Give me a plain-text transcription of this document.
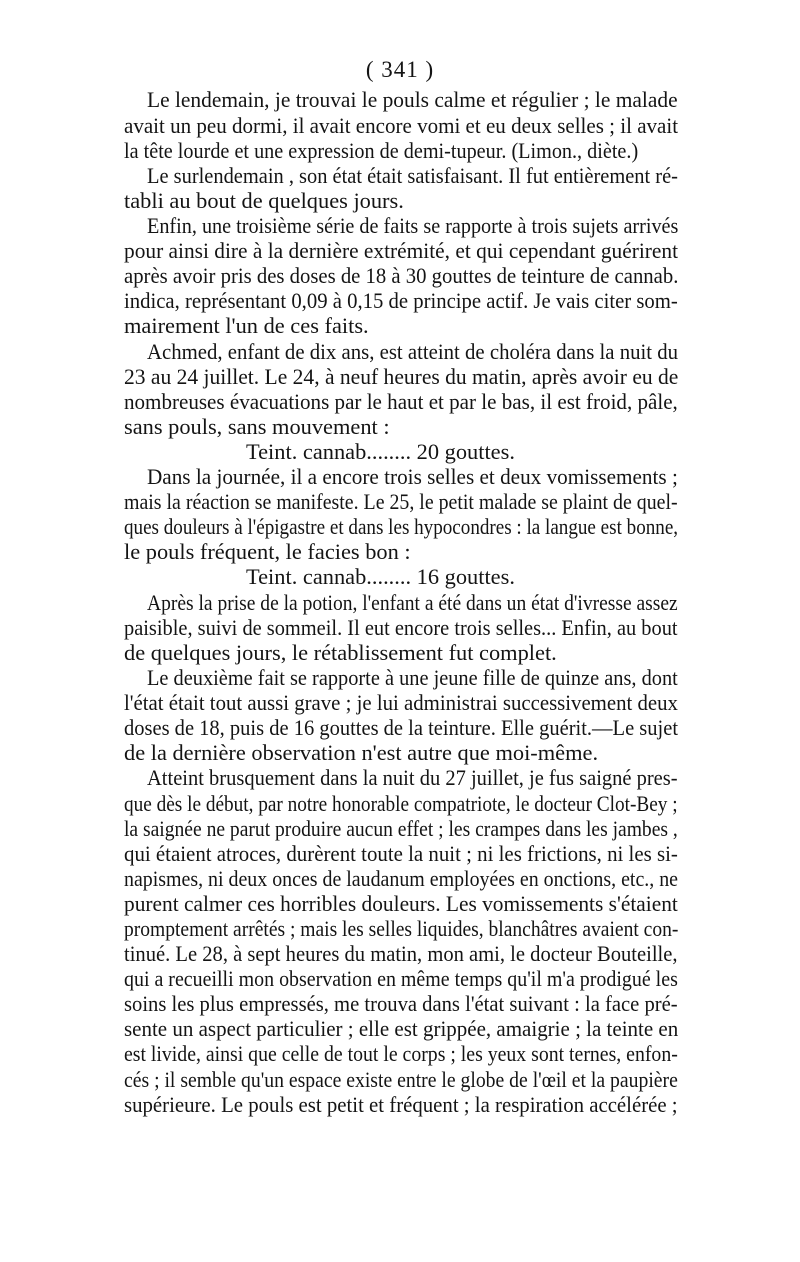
( 341 )
Le lendemain, je trouvai le pouls calme et régulier ; le malade
avait un peu dormi, il avait encore vomi et eu deux selles ; il avait
la tête lourde et une expression de demi-tupeur. (Limon., diète.)
Le surlendemain , son état était satisfaisant. Il fut entièrement ré-
tabli au bout de quelques jours.
Enfin, une troisième série de faits se rapporte à trois sujets arrivés
pour ainsi dire à la dernière extrémité, et qui cependant guérirent
après avoir pris des doses de 18 à 30 gouttes de teinture de cannab.
indica, représentant 0,09 à 0,15 de principe actif. Je vais citer som-
mairement l'un de ces faits.
Achmed, enfant de dix ans, est atteint de choléra dans la nuit du
23 au 24 juillet. Le 24, à neuf heures du matin, après avoir eu de
nombreuses évacuations par le haut et par le bas, il est froid, pâle,
sans pouls, sans mouvement :
Teint. cannab........ 20 gouttes.
Dans la journée, il a encore trois selles et deux vomissements ;
mais la réaction se manifeste. Le 25, le petit malade se plaint de quel-
ques douleurs à l'épigastre et dans les hypocondres : la langue est bonne,
le pouls fréquent, le facies bon :
Teint. cannab........ 16 gouttes.
Après la prise de la potion, l'enfant a été dans un état d'ivresse assez
paisible, suivi de sommeil. Il eut encore trois selles... Enfin, au bout
de quelques jours, le rétablissement fut complet.
Le deuxième fait se rapporte à une jeune fille de quinze ans, dont
l'état était tout aussi grave ; je lui administrai successivement deux
doses de 18, puis de 16 gouttes de la teinture. Elle guérit.—Le sujet
de la dernière observation n'est autre que moi-même.
Atteint brusquement dans la nuit du 27 juillet, je fus saigné pres-
que dès le début, par notre honorable compatriote, le docteur Clot-Bey ;
la saignée ne parut produire aucun effet ; les crampes dans les jambes ,
qui étaient atroces, durèrent toute la nuit ; ni les frictions, ni les si-
napismes, ni deux onces de laudanum employées en onctions, etc., ne
purent calmer ces horribles douleurs. Les vomissements s'étaient
promptement arrêtés ; mais les selles liquides, blanchâtres avaient con-
tinué. Le 28, à sept heures du matin, mon ami, le docteur Bouteille,
qui a recueilli mon observation en même temps qu'il m'a prodigué les
soins les plus empressés, me trouva dans l'état suivant : la face pré-
sente un aspect particulier ; elle est grippée, amaigrie ; la teinte en
est livide, ainsi que celle de tout le corps ; les yeux sont ternes, enfon-
cés ; il semble qu'un espace existe entre le globe de l'œil et la paupière
supérieure. Le pouls est petit et fréquent ; la respiration accélérée ;
